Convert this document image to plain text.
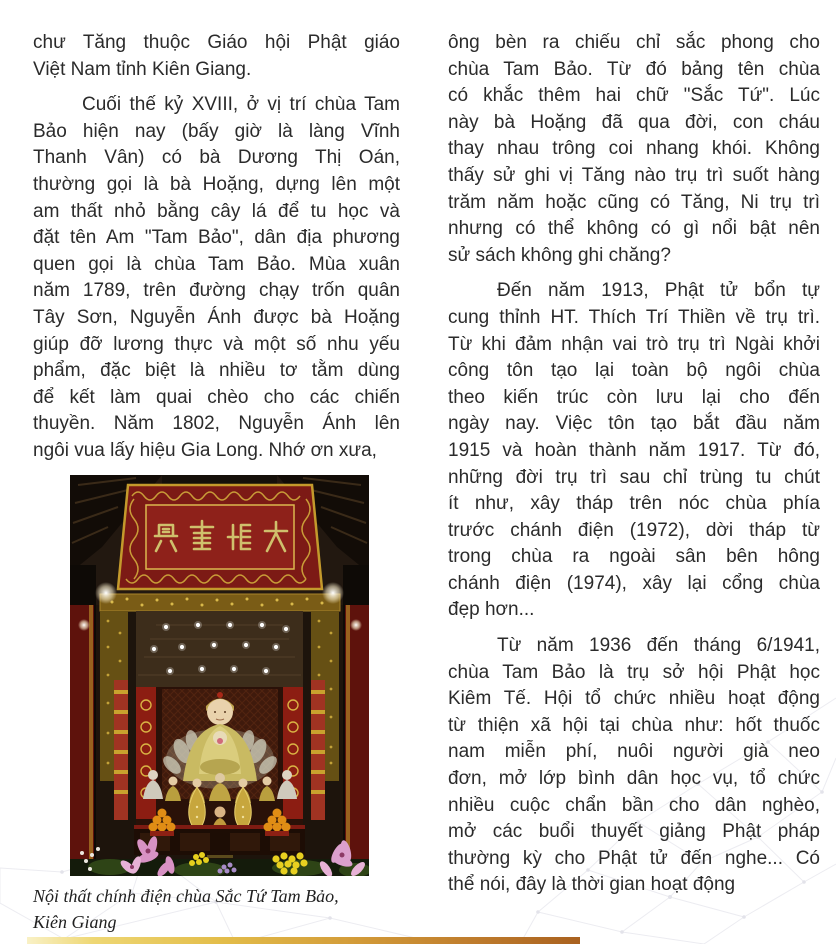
chư Tăng thuộc Giáo hội Phật giáo
Việt Nam tỉnh Kiên Giang.
Cuối thế kỷ XVIII, ở vị trí chùa Tam
Bảo hiện nay (bấy giờ là làng Vĩnh
Thanh Vân) có bà Dương Thị Oán,
thường gọi là bà Hoặng, dựng lên một
am thất nhỏ bằng cây lá để tu học và
đặt tên Am "Tam Bảo", dân địa phương
quen gọi là chùa Tam Bảo. Mùa xuân
năm 1789, trên đường chạy trốn quân
Tây Sơn, Nguyễn Ánh được bà Hoặng
giúp đỡ lương thực và một số nhu yếu
phẩm, đặc biệt là nhiều tơ tằm dùng
để kết làm quai chèo cho các chiến
thuyền. Năm 1802, Nguyễn Ánh lên
ngôi vua lấy hiệu Gia Long. Nhớ ơn xưa,
Nội thất chính điện chùa Sắc Tứ Tam Bảo,
Kiên Giang
ông bèn ra chiếu chỉ sắc phong cho
chùa Tam Bảo. Từ đó bảng tên chùa
có khắc thêm hai chữ "Sắc Tứ". Lúc
này bà Hoặng đã qua đời, con cháu
thay nhau trông coi nhang khói. Không
thấy sử ghi vị Tăng nào trụ trì suốt hàng
trăm năm hoặc cũng có Tăng, Ni trụ trì
nhưng có thể không có gì nổi bật nên
sử sách không ghi chăng?
Đến năm 1913, Phật tử bổn tự
cung thỉnh HT. Thích Trí Thiền về trụ trì.
Từ khi đảm nhận vai trò trụ trì Ngài khởi
công tôn tạo lại toàn bộ ngôi chùa
theo kiến trúc còn lưu lại cho đến
ngày nay. Việc tôn tạo bắt đầu năm
1915 và hoàn thành năm 1917. Từ đó,
những đời trụ trì sau chỉ trùng tu chút
ít như, xây tháp trên nóc chùa phía
trước chánh điện (1972), dời tháp từ
trong chùa ra ngoài sân bên hông
chánh điện (1974), xây lại cổng chùa
đẹp hơn...
Từ năm 1936 đến tháng 6/1941,
chùa Tam Bảo là trụ sở hội Phật học
Kiêm Tế. Hội tổ chức nhiều hoạt động
từ thiện xã hội tại chùa như: hốt thuốc
nam miễn phí, nuôi người già neo
đơn, mở lớp bình dân học vụ, tổ chức
nhiều cuộc chẩn bần cho dân nghèo,
mở các buổi thuyết giảng Phật pháp
thường kỳ cho Phật tử đến nghe... Có
thể nói, đây là thời gian hoạt động
